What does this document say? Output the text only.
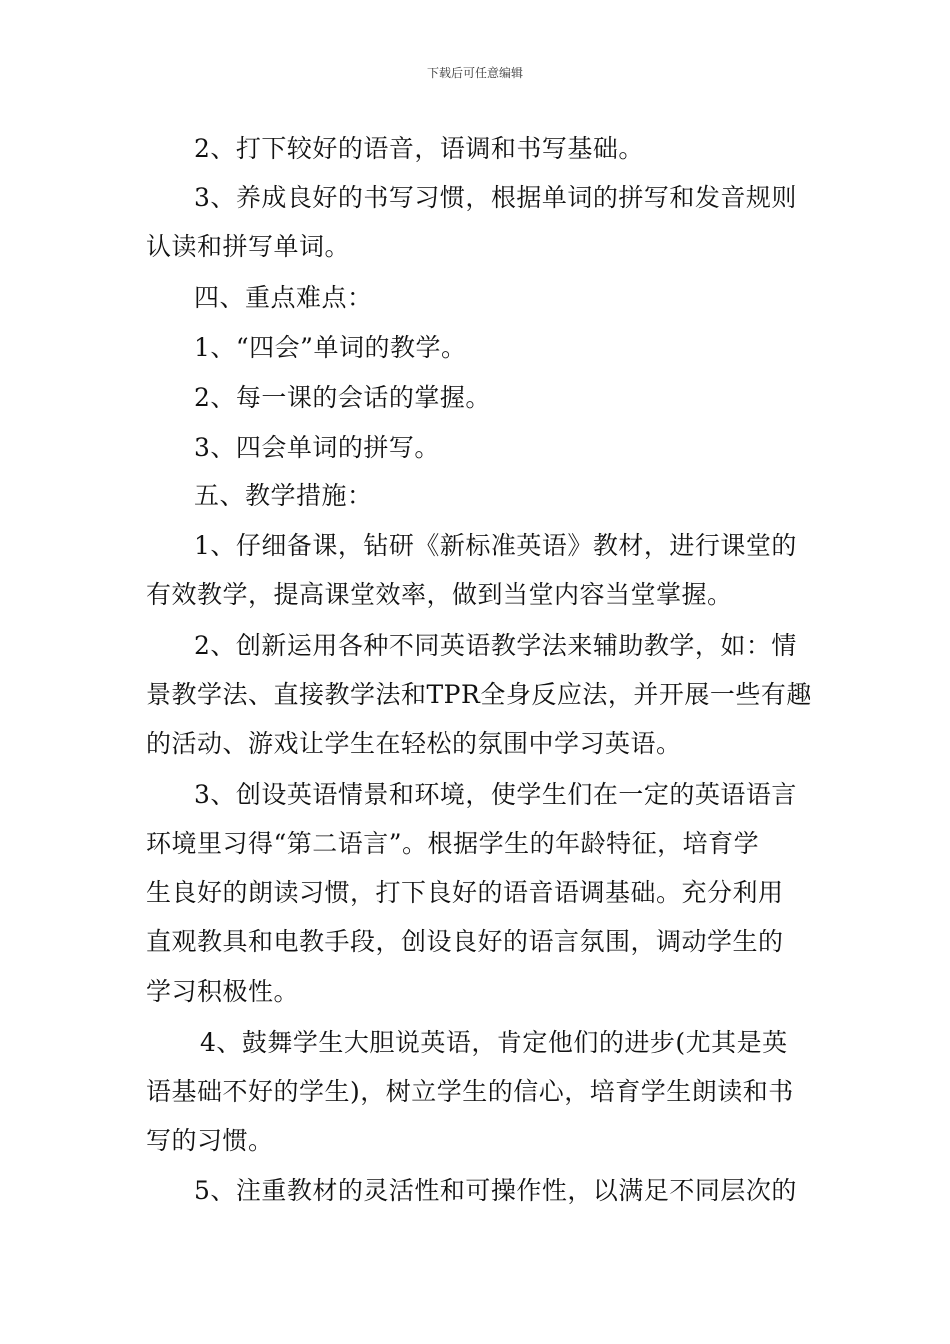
下载后可任意编辑
2、打下较好的语音，语调和书写基础。
3、养成良好的书写习惯，根据单词的拼写和发音规则
认读和拼写单词。
四、重点难点：
1、“四会”单词的教学。
2、每一课的会话的掌握。
3、四会单词的拼写。
五、教学措施：
1、仔细备课，钻研《新标准英语》教材，进行课堂的
有效教学，提高课堂效率，做到当堂内容当堂掌握。
2、创新运用各种不同英语教学法来辅助教学，如：情
景教学法、直接教学法和TPR全身反应法，并开展一些有趣
的活动、游戏让学生在轻松的氛围中学习英语。
3、创设英语情景和环境，使学生们在一定的英语语言
环境里习得“第二语言”。根据学生的年龄特征，培育学
生良好的朗读习惯，打下良好的语音语调基础。充分利用
直观教具和电教手段，创设良好的语言氛围，调动学生的
学习积极性。
4、鼓舞学生大胆说英语，肯定他们的进步(尤其是英
语基础不好的学生)，树立学生的信心，培育学生朗读和书
写的习惯。
5、注重教材的灵活性和可操作性，以满足不同层次的
